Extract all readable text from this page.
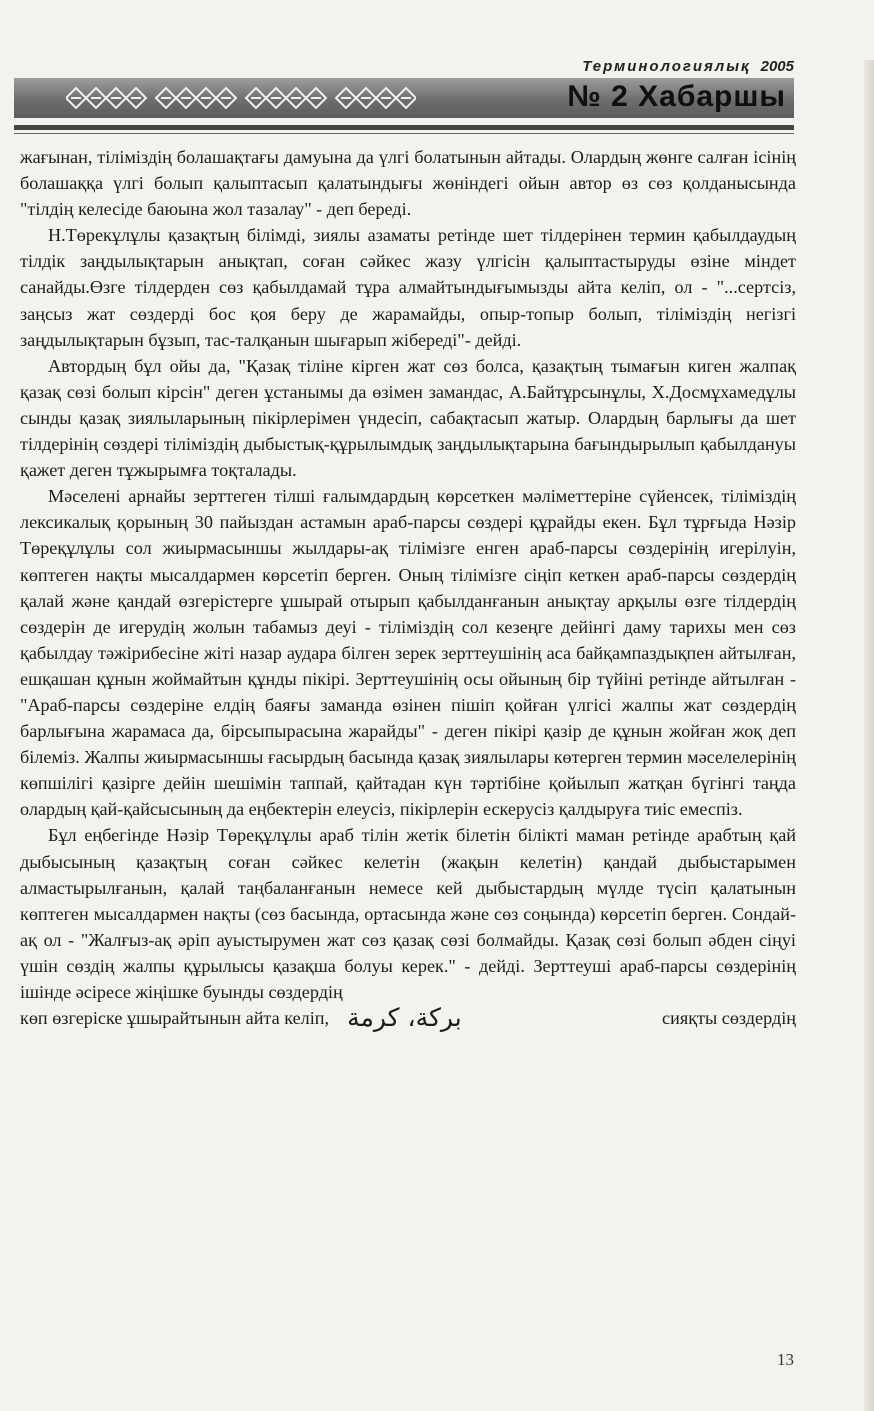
Терминологиялық 2005
№ 2 Хабаршы

жағынан, тіліміздің болашақтағы дамуына да үлгі болатынын айтады. Олардың жөнге салған ісінің болашаққа үлгі болып қалыптасып қалатындығы жөніндегі ойын автор өз сөз қолданысында "тілдің келесіде баюына жол тазалау" - деп береді.

Н.Төрекұлұлы қазақтың білімді, зиялы азаматы ретінде шет тілдерінен термин қабылдаудың тілдік заңдылықтарын анықтап, соған сәйкес жазу үлгісін қалыптастыруды өзіне міндет санайды.Өзге тілдерден сөз қабылдамай тұра алмайтындығымызды айта келіп, ол - "...сертсіз, заңсыз жат сөздерді бос қоя беру де жарамайды, опыр-топыр болып, тіліміздің негізгі заңдылықтарын бұзып, тас-талқанын шығарып жібереді"- дейді.

Автордың бұл ойы да, "Қазақ тіліне кірген жат сөз болса, қазақтың тымағын киген жалпақ қазақ сөзі болып кірсін" деген ұстанымы да өзімен замандас, А.Байтұрсынұлы, Х.Досмұхамедұлы сынды қазақ зиялыларының пікірлерімен үндесіп, сабақтасып жатыр. Олардың барлығы да шет тілдерінің сөздері тіліміздің дыбыстық-құрылымдық заңдылықтарына бағындырылып қабылдануы қажет деген тұжырымға тоқталады.

Мәселені арнайы зерттеген тілші ғалымдардың көрсеткен мәліметтеріне сүйенсек, тіліміздің лексикалық қорының 30 пайыздан астамын араб-парсы сөздері құрайды екен. Бұл тұрғыда Нәзір Төреқұлұлы сол жиырмасыншы жылдары-ақ тілімізге енген араб-парсы сөздерінің игерілуін, көптеген нақты мысалдармен көрсетіп берген. Оның тілімізге сіңіп кеткен араб-парсы сөздердің қалай және қандай өзгерістерге ұшырай отырып қабылданғанын анықтау арқылы өзге тілдердің сөздерін де игерудің жолын табамыз деуі - тіліміздің сол кезеңге дейінгі даму тарихы мен сөз қабылдау тәжірибесіне жіті назар аудара білген зерек зерттеушінің аса байқампаздықпен айтылған, ешқашан құнын жоймайтын құнды пікірі. Зерттеушінің осы ойының бір түйіні ретінде айтылған - "Араб-парсы сөздеріне елдің баяғы заманда өзінен пішіп қойған үлгісі жалпы жат сөздердің барлығына жарамаса да, бірсыпырасына жарайды" - деген пікірі қазір де құнын жойған жоқ деп білеміз. Жалпы жиырмасыншы ғасырдың басында қазақ зиялылары көтерген термин мәселелерінің көпшілігі қазірге дейін шешімін таппай, қайтадан күн тәртібіне қойылып жатқан бүгінгі таңда олардың қай-қайсысының да еңбектерін елеусіз, пікірлерін ескерусіз қалдыруға тиіс емеспіз.

Бұл еңбегінде Нәзір Төреқұлұлы араб тілін жетік білетін білікті маман ретінде арабтың қай дыбысының қазақтың соған сәйкес келетін (жақын келетін) қандай дыбыстарымен алмастырылғанын, қалай таңбаланғанын немесе кей дыбыстардың мүлде түсіп қалатынын көптеген мысалдармен нақты (сөз басында, ортасында және сөз соңында) көрсетіп берген. Сондай-ақ ол - "Жалғыз-ақ әріп ауыстырумен жат сөз қазақ сөзі болмайды. Қазақ сөзі болып әбден сіңуі үшін сөздің жалпы құрылысы қазақша болуы керек." - дейді. Зерттеуші араб-парсы сөздерінің ішінде әсіресе жіңішке буынды сөздердің

көп өзгеріске ұшырайтынын айта келіп, برکة، کرمة	сияқты сөздердің
13
